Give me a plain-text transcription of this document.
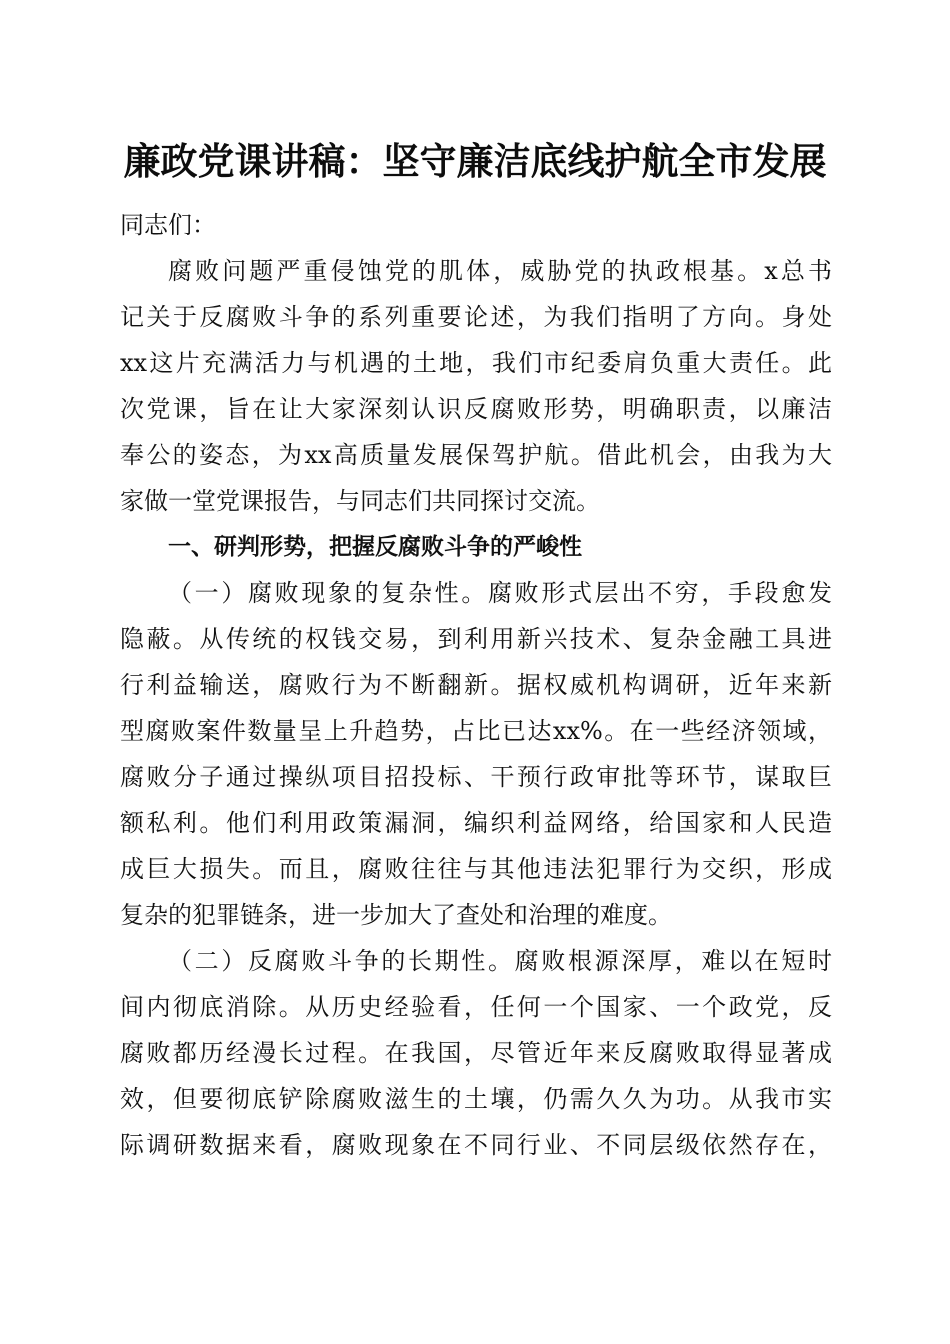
廉政党课讲稿：坚守廉洁底线护航全市发展
同志们：
腐败问题严重侵蚀党的肌体，威胁党的执政根基。x总书
记关于反腐败斗争的系列重要论述，为我们指明了方向。身处
xx这片充满活力与机遇的土地，我们市纪委肩负重大责任。此
次党课，旨在让大家深刻认识反腐败形势，明确职责，以廉洁
奉公的姿态，为xx高质量发展保驾护航。借此机会，由我为大
家做一堂党课报告，与同志们共同探讨交流。
一、研判形势，把握反腐败斗争的严峻性
（一）腐败现象的复杂性。腐败形式层出不穷，手段愈发
隐蔽。从传统的权钱交易，到利用新兴技术、复杂金融工具进
行利益输送，腐败行为不断翻新。据权威机构调研，近年来新
型腐败案件数量呈上升趋势，占比已达xx%。在一些经济领域，
腐败分子通过操纵项目招投标、干预行政审批等环节，谋取巨
额私利。他们利用政策漏洞，编织利益网络，给国家和人民造
成巨大损失。而且，腐败往往与其他违法犯罪行为交织，形成
复杂的犯罪链条，进一步加大了查处和治理的难度。
（二）反腐败斗争的长期性。腐败根源深厚，难以在短时
间内彻底消除。从历史经验看，任何一个国家、一个政党，反
腐败都历经漫长过程。在我国，尽管近年来反腐败取得显著成
效，但要彻底铲除腐败滋生的土壤，仍需久久为功。从我市实
际调研数据来看，腐败现象在不同行业、不同层级依然存在，
